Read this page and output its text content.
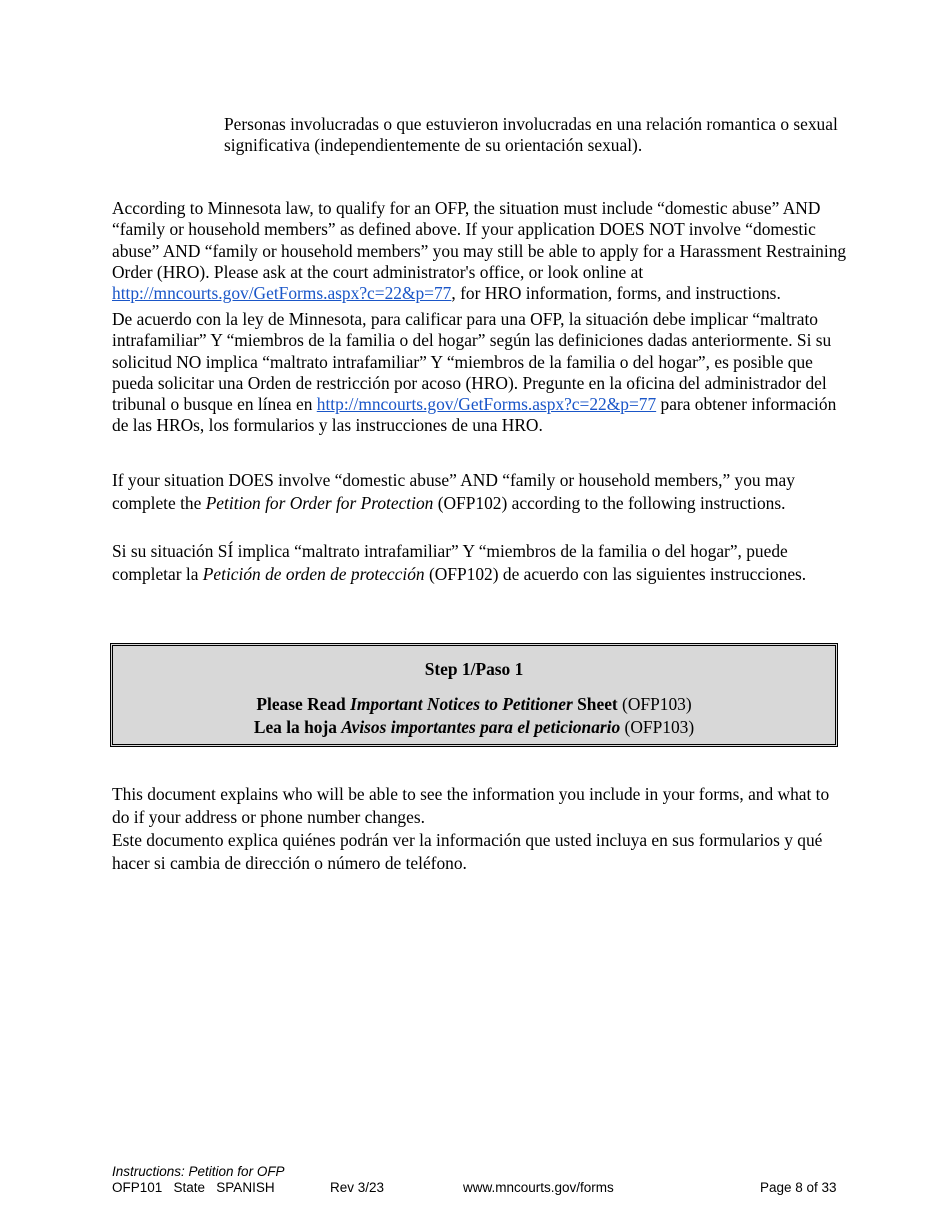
Personas involucradas o que estuvieron involucradas en una relación romantica o sexual significativa (independientemente de su orientación sexual).

According to Minnesota law, to qualify for an OFP, the situation must include “domestic abuse” AND “family or household members” as defined above. If your application DOES NOT involve “domestic abuse” AND “family or household members” you may still be able to apply for a Harassment Restraining Order (HRO). Please ask at the court administrator's office, or look online at http://mncourts.gov/GetForms.aspx?c=22&p=77, for HRO information, forms, and instructions.

De acuerdo con la ley de Minnesota, para calificar para una OFP, la situación debe implicar “maltrato intrafamiliar” Y “miembros de la familia o del hogar” según las definiciones dadas anteriormente. Si su solicitud NO implica “maltrato intrafamiliar” Y “miembros de la familia o del hogar”, es posible que pueda solicitar una Orden de restricción por acoso (HRO). Pregunte en la oficina del administrador del tribunal o busque en línea en http://mncourts.gov/GetForms.aspx?c=22&p=77 para obtener información de las HROs, los formularios y las instrucciones de una HRO.

If your situation DOES involve “domestic abuse” AND “family or household members,” you may complete the Petition for Order for Protection (OFP102) according to the following instructions.

Si su situación SÍ implica “maltrato intrafamiliar” Y “miembros de la familia o del hogar”, puede completar la Petición de orden de protección (OFP102) de acuerdo con las siguientes instrucciones.

Step 1/Paso 1
Please Read Important Notices to Petitioner Sheet (OFP103)
Lea la hoja Avisos importantes para el peticionario (OFP103)

This document explains who will be able to see the information you include in your forms, and what to do if your address or phone number changes.

Este documento explica quiénes podrán ver la información que usted incluya en sus formularios y qué hacer si cambia de dirección o número de teléfono.

Instructions: Petition for OFP
OFP101   State   SPANISH	Rev 3/23	www.mncourts.gov/forms	Page 8 of 33
